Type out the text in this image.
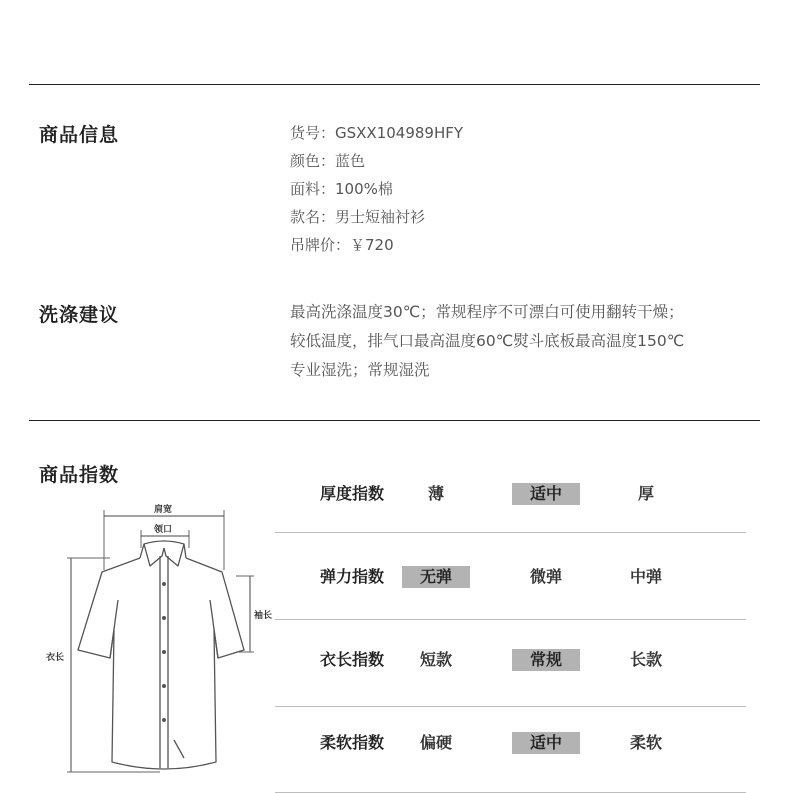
商品信息	货号：GSXX104989HFY
颜色：蓝色
面料：100%棉
款名：男士短袖衬衫
吊牌价：￥720
洗涤建议	最高洗涤温度30℃；常规程序不可漂白可使用翻转干燥；
较低温度，排气口最高温度60℃熨斗底板最高温度150℃
专业湿洗；常规湿洗
商品指数
厚度指数	薄	适中	厚
弹力指数	无弹	微弹	中弹
衣长指数	短款	常规	长款
柔软指数	偏硬	适中	柔软
肩宽
领口
袖长
衣长
